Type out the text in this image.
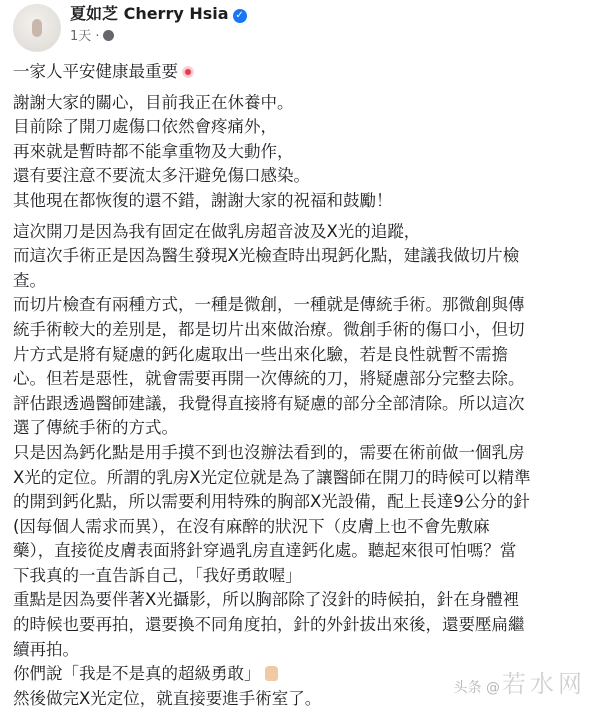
夏如芝 Cherry Hsia ✓
1天 ·
一家人平安健康最重要
謝謝大家的關心，目前我正在休養中。
目前除了開刀處傷口依然會疼痛外，
再來就是暫時都不能拿重物及大動作，
還有要注意不要流太多汗避免傷口感染。
其他現在都恢復的還不錯，謝謝大家的祝福和鼓勵！
這次開刀是因為我有固定在做乳房超音波及X光的追蹤，
而這次手術正是因為醫生發現X光檢查時出現鈣化點，建議我做切片檢
查。
而切片檢查有兩種方式，一種是微創，一種就是傳統手術。那微創與傳
統手術較大的差別是，都是切片出來做治療。微創手術的傷口小，但切
片方式是將有疑慮的鈣化處取出一些出來化驗，若是良性就暫不需擔
心。但若是惡性，就會需要再開一次傳統的刀，將疑慮部分完整去除。
評估跟透過醫師建議，我覺得直接將有疑慮的部分全部清除。所以這次
選了傳統手術的方式。
只是因為鈣化點是用手摸不到也沒辦法看到的，需要在術前做一個乳房
X光的定位。所謂的乳房X光定位就是為了讓醫師在開刀的時候可以精準
的開到鈣化點，所以需要利用特殊的胸部X光設備，配上長達9公分的針
(因每個人需求而異），在沒有麻醉的狀況下（皮膚上也不會先敷麻
藥），直接從皮膚表面將針穿過乳房直達鈣化處。聽起來很可怕嗎？當
下我真的一直告訴自己，「我好勇敢喔」
重點是因為要伴著X光攝影，所以胸部除了沒針的時候拍，針在身體裡
的時候也要再拍，還要換不同角度拍，針的外針拔出來後，還要壓扁繼
續再拍。
你們說「我是不是真的超級勇敢」
然後做完X光定位，就直接要進手術室了。
头条 @若水网
